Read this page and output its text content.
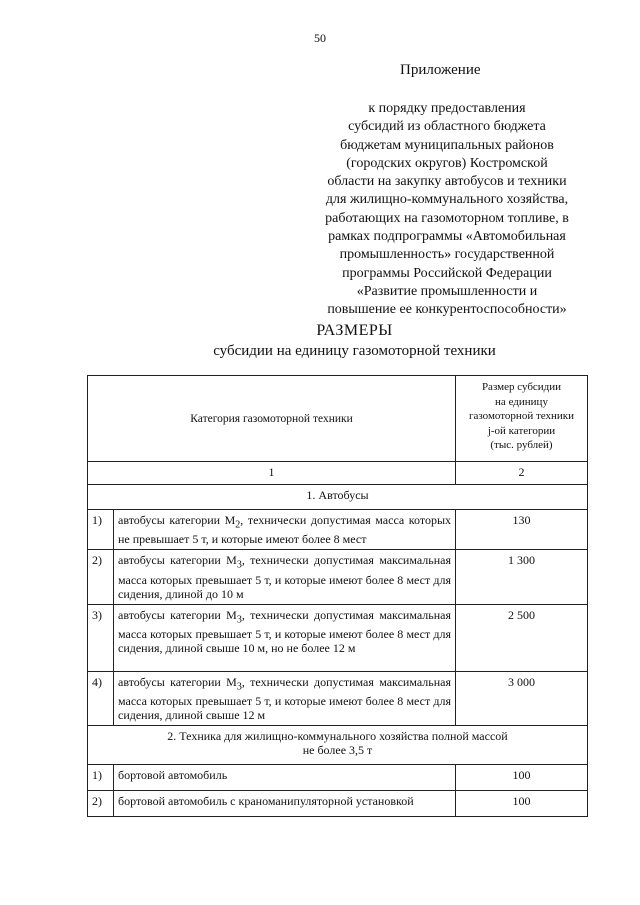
50
Приложение
к порядку предоставления
субсидий из областного бюджета
бюджетам муниципальных районов
(городских округов) Костромской
области на закупку автобусов и техники
для жилищно-коммунального хозяйства,
работающих на газомоторном топливе, в
рамках подпрограммы «Автомобильная
промышленность» государственной
программы Российской Федерации
«Развитие промышленности и
повышение ее конкурентоспособности»
РАЗМЕРЫ
субсидии на единицу газомоторной техники
Категория газомоторной техники		Размер субсидии
на единицу
газомоторной техники
j-ой категории
(тыс. рублей)

1		2
1. Автобусы		
1)	автобусы категории $M_2$, технически допустимая масса которых не превышает 5 т, и которые имеют более 8 мест	130
2)	автобусы категории $M_3$, технически допустимая максимальная масса которых превышает 5 т, и которые имеют более 8 мест для сидения, длиной до 10 м	1 300
3)	автобусы категории $M_3$, технически допустимая максимальная масса которых превышает 5 т, и которые имеют более 8 мест для сидения, длиной свыше 10 м, но не более 12 м	2 500
4)	автобусы категории $M_3$, технически допустимая максимальная масса которых превышает 5 т, и которые имеют более 8 мест для сидения, длиной свыше 12 м	3 000

2. Техника для жилищно-коммунального хозяйства полной массой
не более 3,5 т		

1)	бортовой автомобиль	100
2)	бортовой автомобиль с краноманипуляторной установкой	100
